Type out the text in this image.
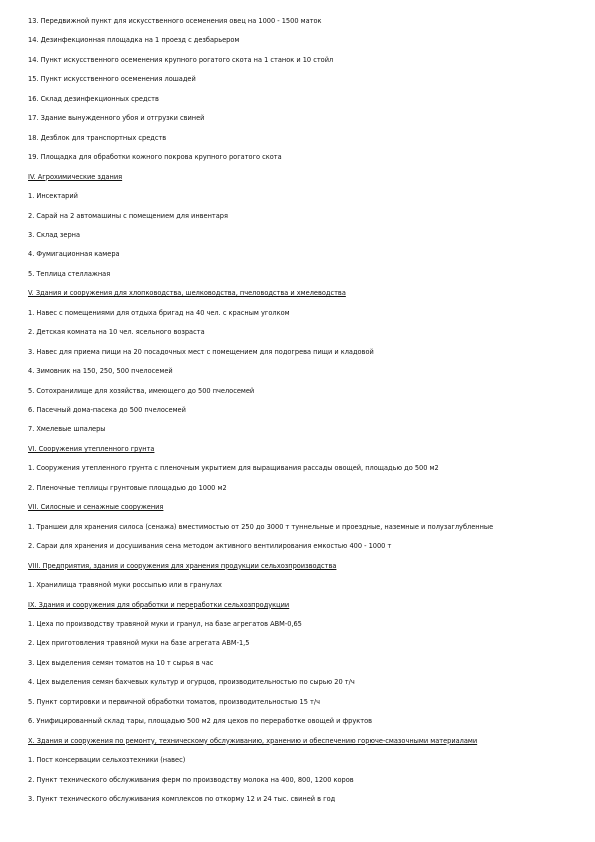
13. Передвижной пункт для искусственного осеменения овец на 1000 - 1500 маток
14. Дезинфекционная площадка на 1 проезд с дезбарьером
14. Пункт искусственного осеменения крупного рогатого скота на 1 станок и 10 стойл
15. Пункт искусственного осеменения лошадей
16. Склад дезинфекционных средств
17. Здание вынужденного убоя и отгрузки свиней
18. Дезблок для транспортных средств
19. Площадка для обработки кожного покрова крупного рогатого скота
IV. Агрохимические здания
1. Инсектарий
2. Сарай на 2 автомашины с помещением для инвентаря
3. Склад зерна
4. Фумигационная камера
5. Теплица стеллажная
V. Здания и сооружения для хлопководства, шелководства, пчеловодства и хмелеводства
1. Навес с помещениями для отдыха бригад на 40 чел. с красным уголком
2. Детская комната на 10 чел. ясельного возраста
3. Навес для приема пищи на 20 посадочных мест с помещением для подогрева пищи и кладовой
4. Зимовник на 150, 250, 500 пчелосемей
5. Сотохранилище для хозяйства, имеющего до 500 пчелосемей
6. Пасечный дома-пасека до 500 пчелосемей
7. Хмелевые шпалеры
VI. Сооружения утепленного грунта
1. Сооружения утепленного грунта с пленочным укрытием для выращивания рассады овощей, площадью до 500 м2
2. Пленочные теплицы грунтовые площадью до 1000 м2
VII. Силосные и сенажные сооружения
1. Траншеи для хранения силоса (сенажа) вместимостью от 250 до 3000 т туннельные и проездные, наземные и полузаглубленные
2. Сараи для хранения и досушивания сена методом активного вентилирования емкостью 400 - 1000 т
VIII. Предприятия, здания и сооружения для хранения продукции сельхозпроизводства
1. Хранилища травяной муки россыпью или в гранулах
IX. Здания и сооружения для обработки и переработки сельхозпродукции
1. Цеха по производству травяной муки и гранул, на базе агрегатов АВМ-0,65
2. Цех приготовления травяной муки на базе агрегата АВМ-1,5
3. Цех выделения семян томатов на 10 т сырья в час
4. Цех выделения семян бахчевых культур и огурцов, производительностью по сырью 20 т/ч
5. Пункт сортировки и первичной обработки томатов, производительностью 15 т/ч
6. Унифицированный склад тары, площадью 500 м2 для цехов по переработке овощей и фруктов
X. Здания и сооружения по ремонту, техническому обслуживанию, хранению и обеспечению горюче-смазочными материалами
1. Пост консервации сельхозтехники (навес)
2. Пункт технического обслуживания ферм по производству молока на 400, 800, 1200 коров
3. Пункт технического обслуживания комплексов по откорму 12 и 24 тыс. свиней в год
